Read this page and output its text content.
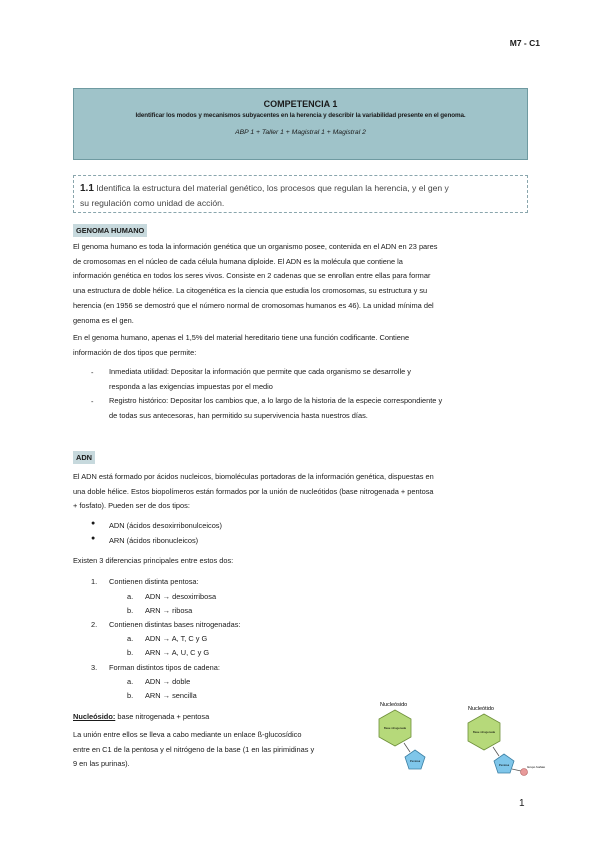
M7 - C1
COMPETENCIA 1
Identificar los modos y mecanismos subyacentes en la herencia y describir la variabilidad presente en el genoma.
ABP 1 + Taller 1 + Magistral 1 + Magistral 2
1.1 Identifica la estructura del material genético, los procesos que regulan la herencia, y el gen y
su regulación como unidad de acción.
GENOMA HUMANO
El genoma humano es toda la información genética que un organismo posee, contenida en el ADN en 23 pares
de cromosomas en el núcleo de cada célula humana diploide. El ADN es la molécula que contiene la
información genética en todos los seres vivos. Consiste en 2 cadenas que se enrollan entre ellas para formar
una estructura de doble hélice. La citogenética es la ciencia que estudia los cromosomas, su estructura y su
herencia (en 1956 se demostró que el número normal de cromosomas humanos es 46). La unidad mínima del
genoma es el gen.
En el genoma humano, apenas el 1,5% del material hereditario tiene una función codificante. Contiene
información de dos tipos que permite:
- Inmediata utilidad: Depositar la información que permite que cada organismo se desarrolle y
responda a las exigencias impuestas por el medio
- Registro histórico: Depositar los cambios que, a lo largo de la historia de la especie correspondiente y
de todas sus antecesoras, han permitido su supervivencia hasta nuestros días.
ADN
El ADN está formado por ácidos nucleicos, biomoléculas portadoras de la información genética, dispuestas en
una doble hélice. Estos biopolímeros están formados por la unión de nucleótidos (base nitrogenada + pentosa
+ fosfato). Pueden ser de dos tipos:
● ADN (ácidos desoxirribonulceicos)
● ARN (ácidos ribonucleicos)
Existen 3 diferencias principales entre estos dos:
1. Contienen distinta pentosa:
a. ADN → desoxirribosa
b. ARN → ribosa
2. Contienen distintas bases nitrogenadas:
a. ADN → A, T, C y G
b. ARN → A, U, C y G
3. Forman distintos tipos de cadena:
a. ADN → doble
b. ARN → sencilla
Nucleósido: base nitrogenada + pentosa
La unión entre ellos se lleva a cabo mediante un enlace ß-glucosídico
entre en C1 de la pentosa y el nitrógeno de la base (1 en las pirimidinas y
9 en las purinas).
Nucleósido
Base nitrogenada
Pentosa
Nucleótido
Base nitrogenada
Pentosa	Grupo fosfato
1
